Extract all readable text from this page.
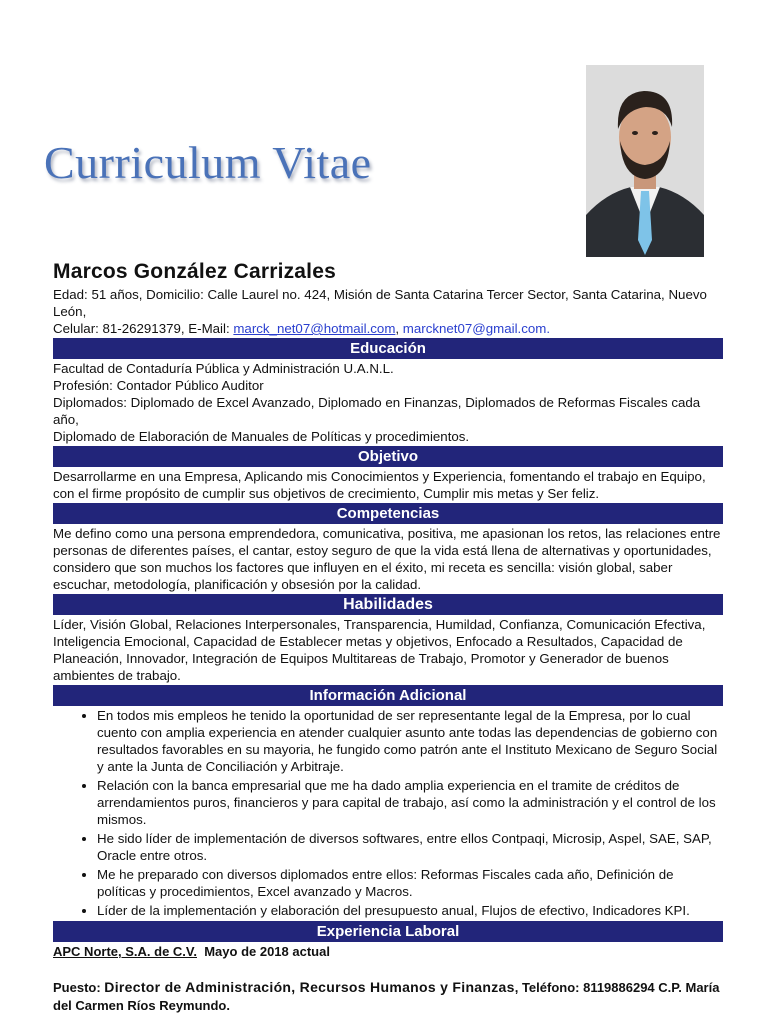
Curriculum Vitae
Marcos González Carrizales

Edad: 51 años, Domicilio: Calle Laurel no. 424, Misión de Santa Catarina Tercer Sector, Santa Catarina, Nuevo León,

Celular: 81-26291379, E-Mail: marck_net07@hotmail.com, marcknet07@gmail.com.

Educación

Facultad de Contaduría Pública y Administración U.A.N.L.

Profesión: Contador Público Auditor

Diplomados: Diplomado de Excel Avanzado, Diplomado en Finanzas, Diplomados de Reformas Fiscales cada año,

Diplomado de Elaboración de Manuales de Políticas y procedimientos.

Objetivo

Desarrollarme en una Empresa, Aplicando mis Conocimientos y Experiencia, fomentando el trabajo en Equipo, con el firme propósito de cumplir sus objetivos de crecimiento, Cumplir mis metas y Ser feliz.

Competencias

Me defino como una persona emprendedora, comunicativa, positiva, me apasionan los retos, las relaciones entre personas de diferentes países, el cantar, estoy seguro de que la vida está llena de alternativas y oportunidades, considero que son muchos los factores que influyen en el éxito, mi receta es sencilla: visión global, saber escuchar, metodología, planificación y obsesión por la calidad.

Habilidades

Líder, Visión Global, Relaciones Interpersonales, Transparencia, Humildad, Confianza, Comunicación Efectiva, Inteligencia Emocional, Capacidad de Establecer metas y objetivos, Enfocado a Resultados, Capacidad de Planeación, Innovador, Integración de Equipos Multitareas de Trabajo, Promotor y Generador de buenos ambientes de trabajo.

Información Adicional
• En todos mis empleos he tenido la oportunidad de ser representante legal de la Empresa, por lo cual cuento con amplia experiencia en atender cualquier asunto ante todas las dependencias de gobierno con resultados favorables en su mayoria, he fungido como patrón ante el Instituto Mexicano de Seguro Social y ante la Junta de Conciliación y Arbitraje.
• Relación con la banca empresarial que me ha dado amplia experiencia en el tramite de créditos de arrendamientos puros, financieros y para capital de trabajo, así como la administración y el control de los mismos.
• He sido líder de implementación de diversos softwares, entre ellos Contpaqi, Microsip, Aspel, SAE, SAP, Oracle entre otros.
• Me he preparado con diversos diplomados entre ellos: Reformas Fiscales cada año, Definición de políticas y procedimientos, Excel avanzado y Macros.
• Líder de la implementación y elaboración del presupuesto anual, Flujos de efectivo, Indicadores KPI.
Experiencia Laboral

APC Norte, S.A. de C.V.  Mayo de 2018 actual

Puesto: Director de Administración, Recursos Humanos y Finanzas, Teléfono: 8119886294 C.P. María del Carmen Ríos Reymundo.
